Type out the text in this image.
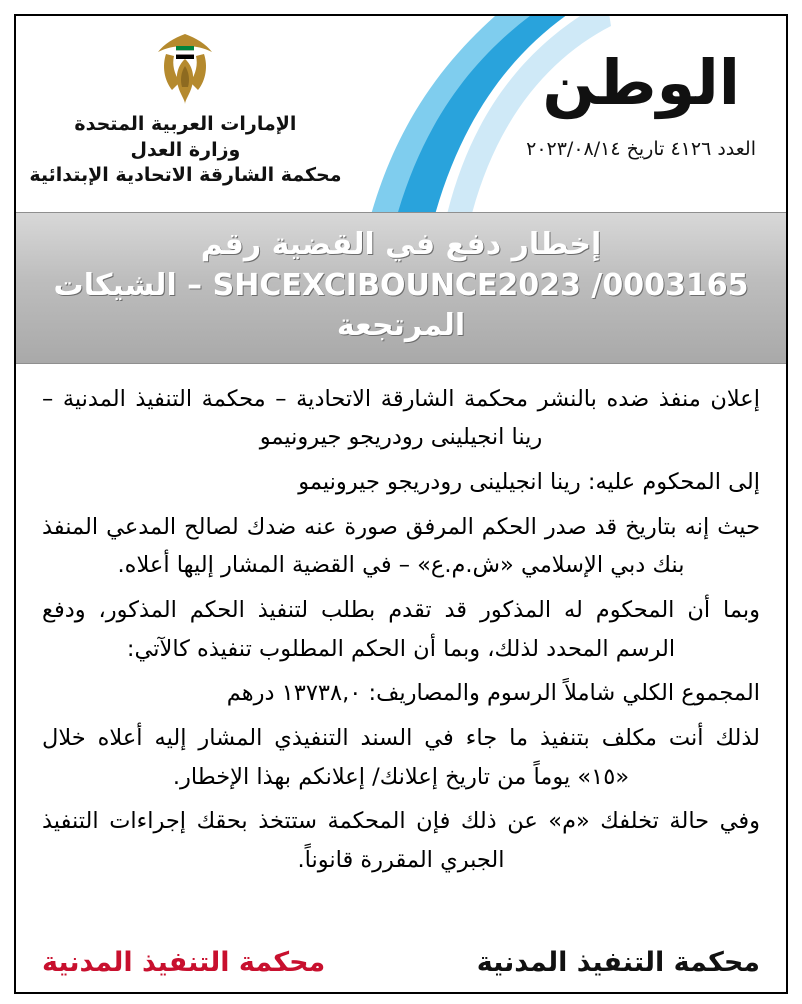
الوطن
العدد ٤١٢٦ تاريخ ٢٠٢٣/٠٨/١٤
الإمارات العربية المتحدة
وزارة العدل
محكمة الشارقة الاتحادية الإبتدائية
إخطار دفع في القضية رقم
SHCEXCIBOUNCE2023 /0003165 – الشيكات المرتجعة

إعلان منفذ ضده بالنشر محكمة الشارقة الاتحادية – محكمة التنفيذ المدنية – رينا انجيلينى رودريجو جيرونيمو

إلى المحكوم عليه: رينا انجيلينى رودريجو جيرونيمو

حيث إنه بتاريخ قد صدر الحكم المرفق صورة عنه ضدك لصالح المدعي المنفذ بنك دبي الإسلامي «ش.م.ع» – في القضية المشار إليها أعلاه.

وبما أن المحكوم له المذكور قد تقدم بطلب لتنفيذ الحكم المذكور، ودفع الرسم المحدد لذلك، وبما أن الحكم المطلوب تنفيذه كالآتي:

المجموع الكلي شاملاً الرسوم والمصاريف: ١٣٧٣٨,٠ درهم

لذلك أنت مكلف بتنفيذ ما جاء في السند التنفيذي المشار إليه أعلاه خلال «١٥» يوماً من تاريخ إعلانك/ إعلانكم بهذا الإخطار.

وفي حالة تخلفك «م» عن ذلك فإن المحكمة ستتخذ بحقك إجراءات التنفيذ الجبري المقررة قانوناً.

محكمة التنفيذ المدنية
محكمة التنفيذ المدنية
